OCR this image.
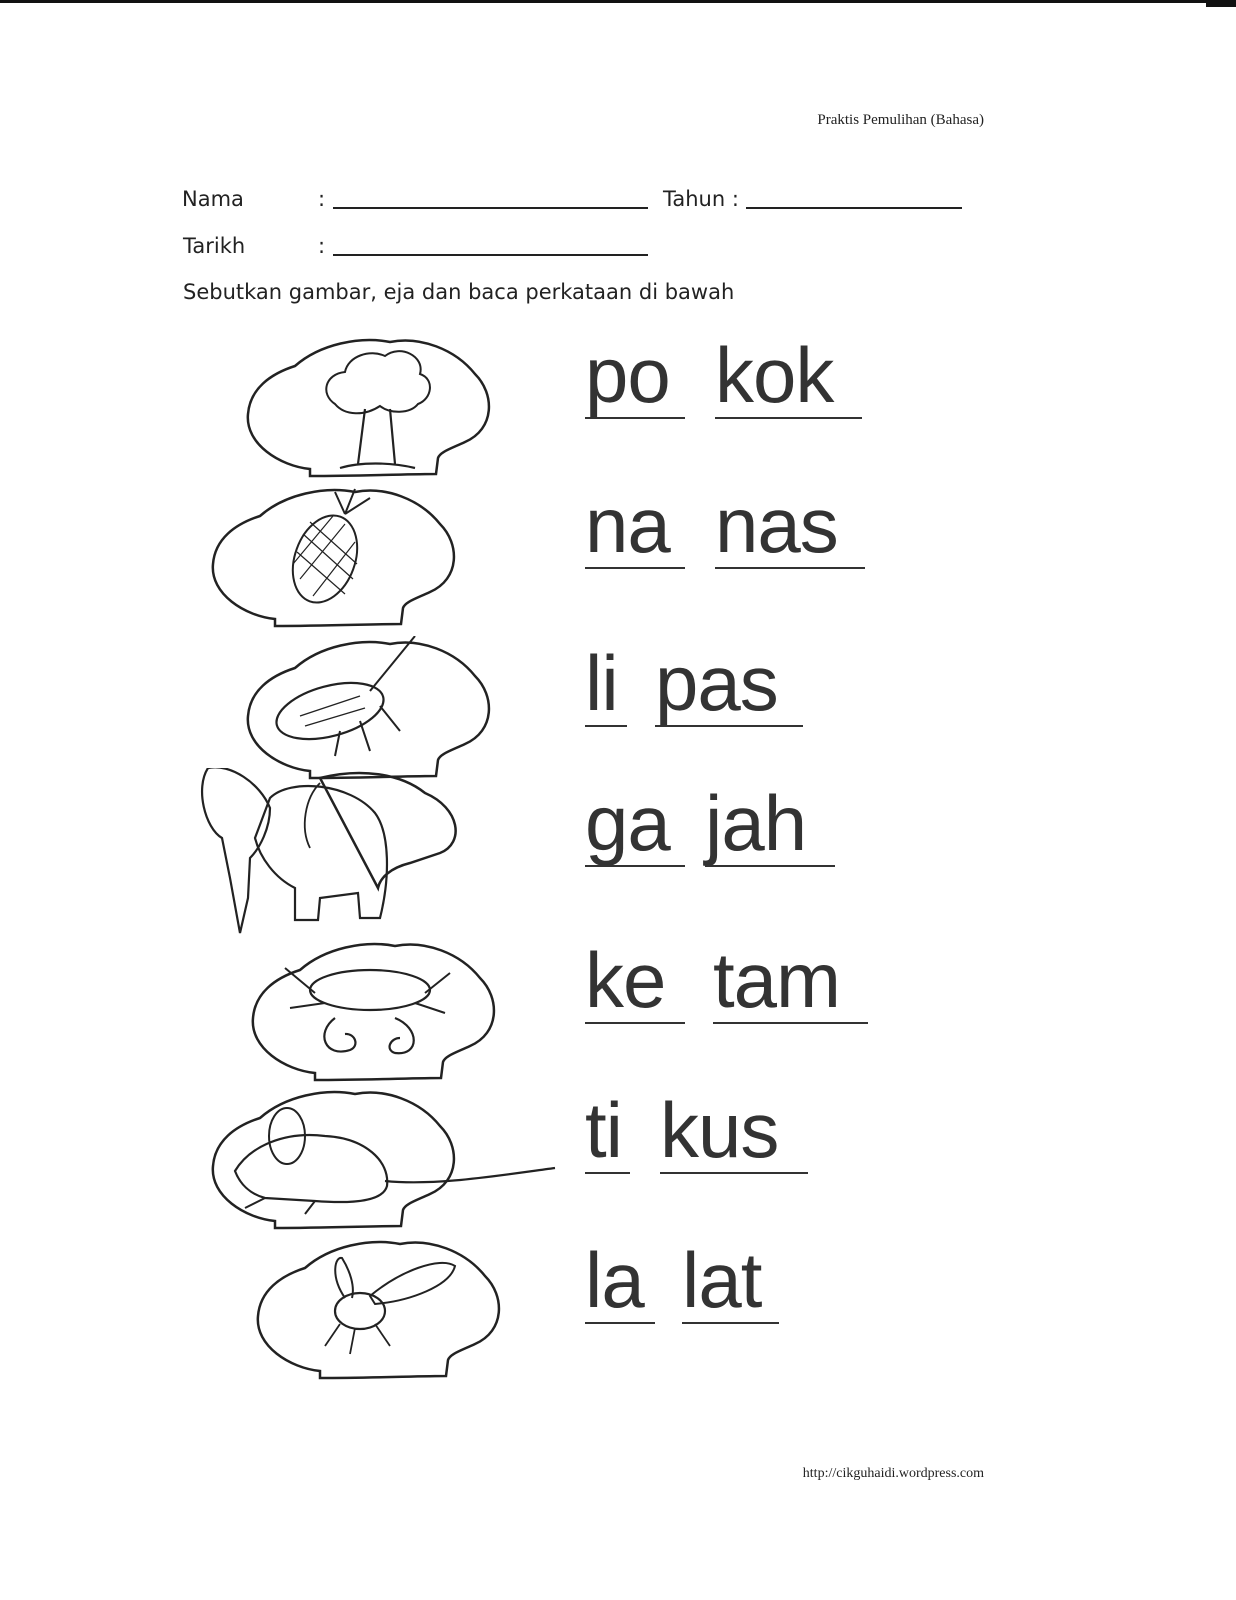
Praktis Pemulihan (Bahasa)
Nama	:	Tahun :
Tarikh	:
Sebutkan gambar, eja dan baca perkataan di bawah
po kok
na nas
li pas
ga jah
ke tam
ti kus
la lat
http://cikguhaidi.wordpress.com
